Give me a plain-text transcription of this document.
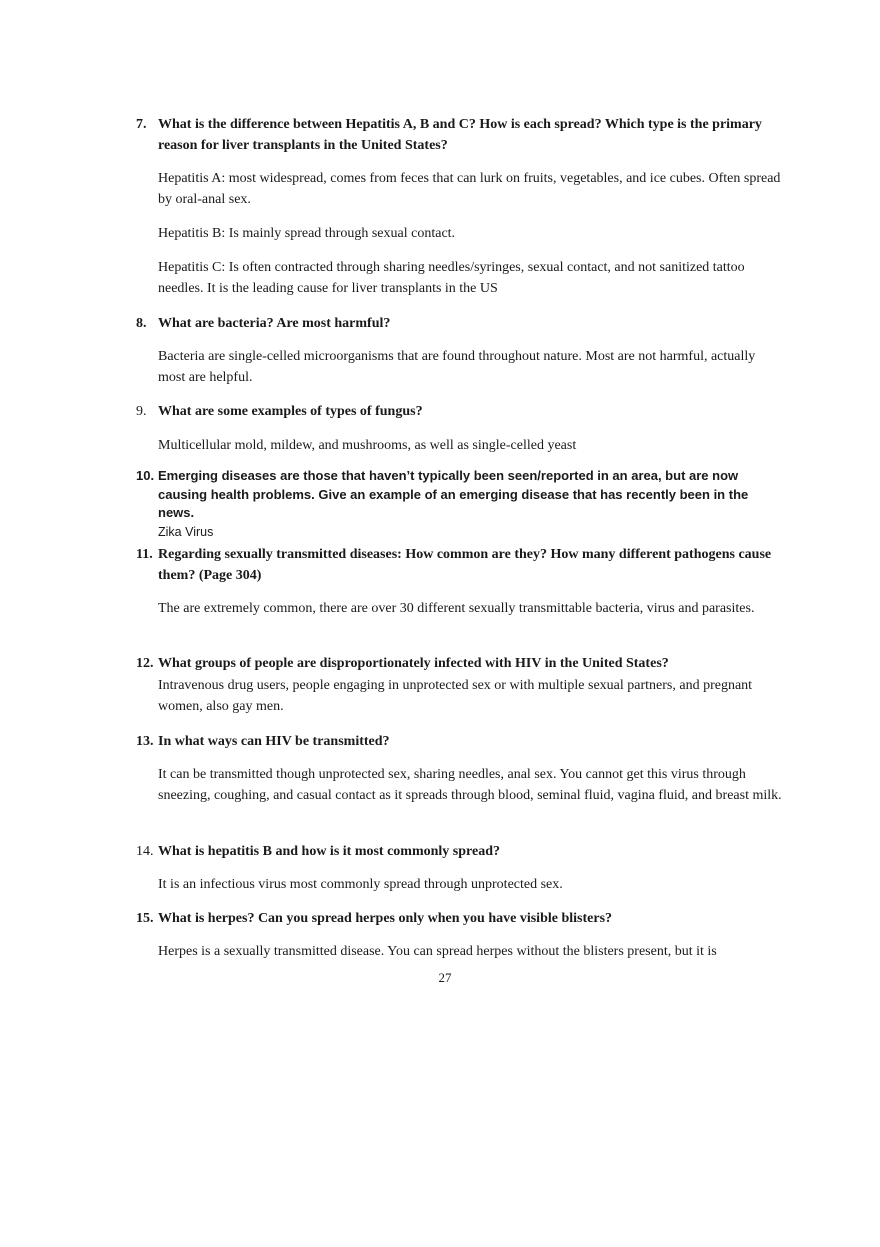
7. What is the difference between Hepatitis A, B and C? How is each spread? Which type is the primary reason for liver transplants in the United States?
Hepatitis A: most widespread, comes from feces that can lurk on fruits, vegetables, and ice cubes. Often spread by oral-anal sex.
Hepatitis B: Is mainly spread through sexual contact.
Hepatitis C: Is often contracted through sharing needles/syringes, sexual contact, and not sanitized tattoo needles. It is the leading cause for liver transplants in the US
8. What are bacteria? Are most harmful?
Bacteria are single-celled microorganisms that are found throughout nature. Most are not harmful, actually most are helpful.
9. What are some examples of types of fungus?
Multicellular mold, mildew, and mushrooms, as well as single-celled yeast
10. Emerging diseases are those that haven’t typically been seen/reported in an area, but are now causing health problems. Give an example of an emerging disease that has recently been in the news.
Zika Virus
11. Regarding sexually transmitted diseases: How common are they? How many different pathogens cause them? (Page 304)
The are extremely common, there are over 30 different sexually transmittable bacteria, virus and parasites.
12. What groups of people are disproportionately infected with HIV in the United States?
Intravenous drug users, people engaging in unprotected sex or with multiple sexual partners, and pregnant women, also gay men.
13. In what ways can HIV be transmitted?
It can be transmitted though unprotected sex, sharing needles, anal sex. You cannot get this virus through sneezing, coughing, and casual contact as it spreads through blood, seminal fluid, vagina fluid, and breast milk.
14. What is hepatitis B and how is it most commonly spread?
It is an infectious virus most commonly spread through unprotected sex.
15. What is herpes? Can you spread herpes only when you have visible blisters?
Herpes is a sexually transmitted disease. You can spread herpes without the blisters present, but it is
27
